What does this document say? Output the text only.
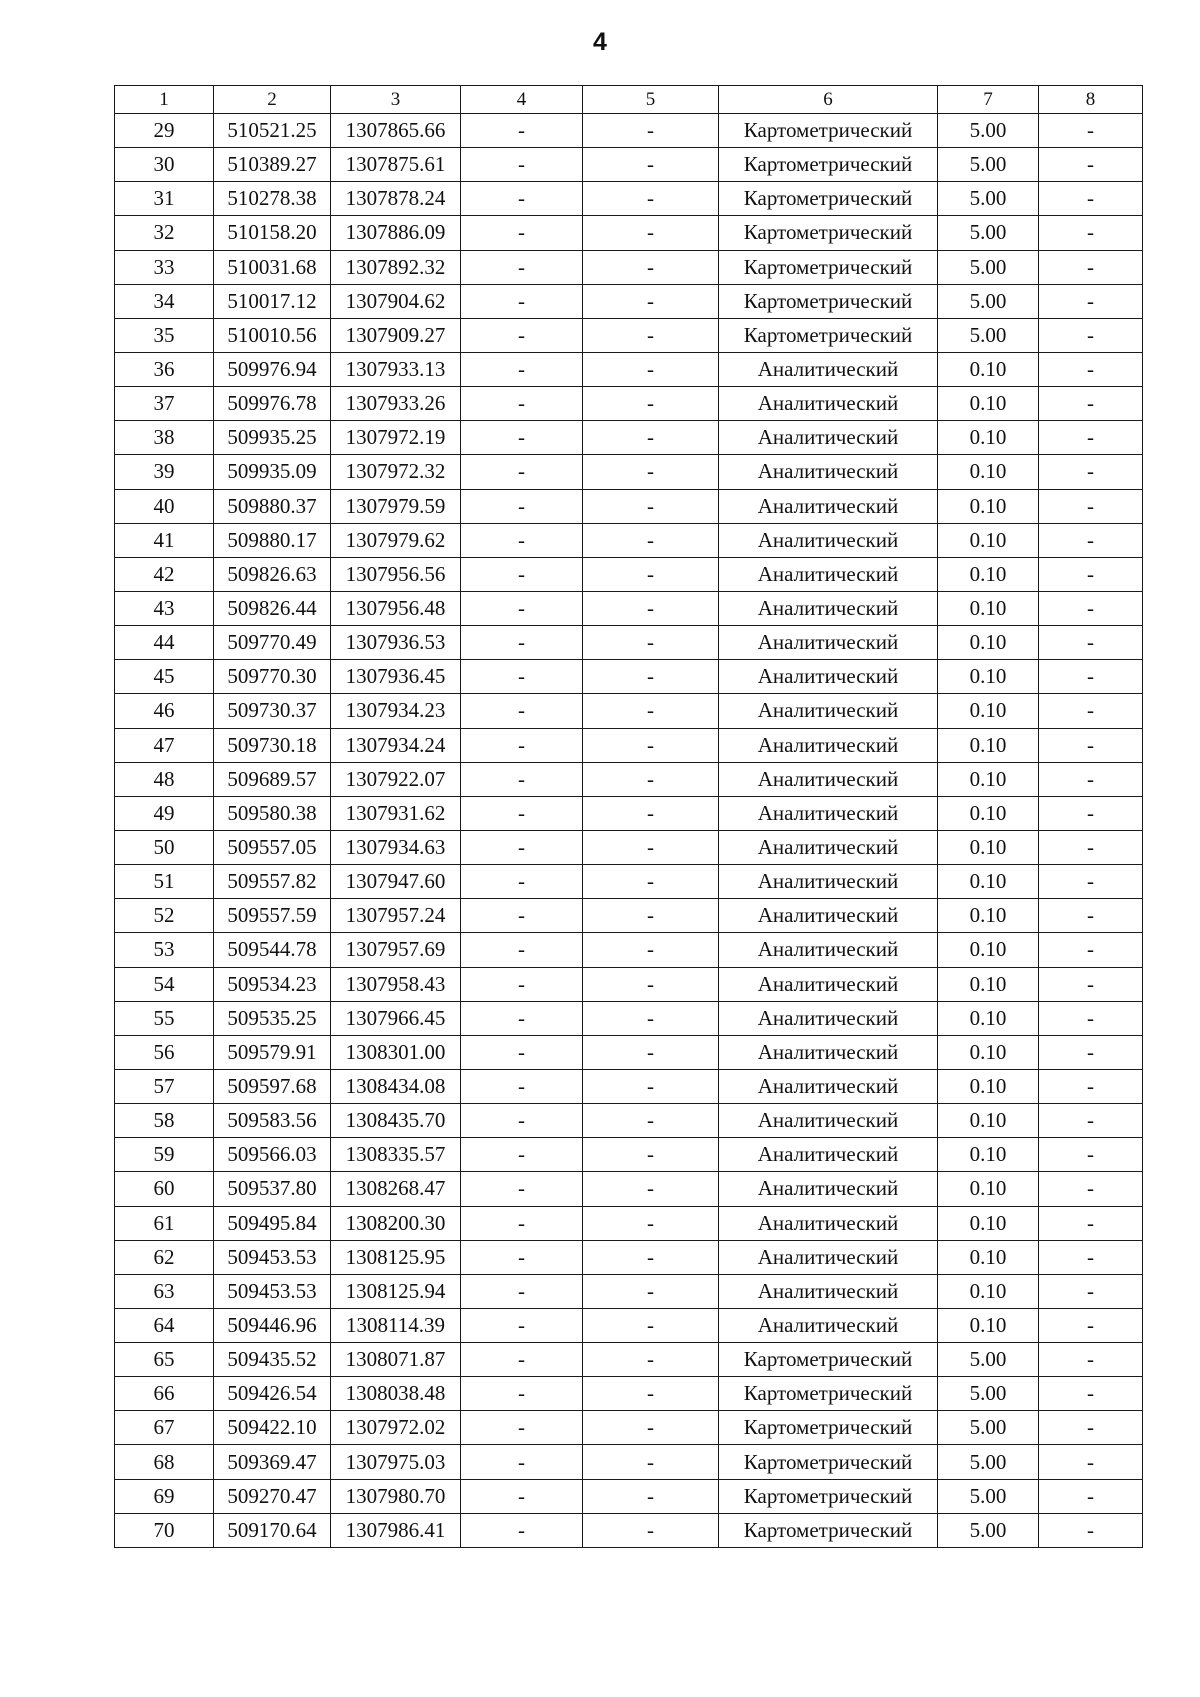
4
1	2	3	4	5	6	7	8
29	510521.25	1307865.66	-	-	Картометрический	5.00	-
30	510389.27	1307875.61	-	-	Картометрический	5.00	-
31	510278.38	1307878.24	-	-	Картометрический	5.00	-
32	510158.20	1307886.09	-	-	Картометрический	5.00	-
33	510031.68	1307892.32	-	-	Картометрический	5.00	-
34	510017.12	1307904.62	-	-	Картометрический	5.00	-
35	510010.56	1307909.27	-	-	Картометрический	5.00	-
36	509976.94	1307933.13	-	-	Аналитический	0.10	-
37	509976.78	1307933.26	-	-	Аналитический	0.10	-
38	509935.25	1307972.19	-	-	Аналитический	0.10	-
39	509935.09	1307972.32	-	-	Аналитический	0.10	-
40	509880.37	1307979.59	-	-	Аналитический	0.10	-
41	509880.17	1307979.62	-	-	Аналитический	0.10	-
42	509826.63	1307956.56	-	-	Аналитический	0.10	-
43	509826.44	1307956.48	-	-	Аналитический	0.10	-
44	509770.49	1307936.53	-	-	Аналитический	0.10	-
45	509770.30	1307936.45	-	-	Аналитический	0.10	-
46	509730.37	1307934.23	-	-	Аналитический	0.10	-
47	509730.18	1307934.24	-	-	Аналитический	0.10	-
48	509689.57	1307922.07	-	-	Аналитический	0.10	-
49	509580.38	1307931.62	-	-	Аналитический	0.10	-
50	509557.05	1307934.63	-	-	Аналитический	0.10	-
51	509557.82	1307947.60	-	-	Аналитический	0.10	-
52	509557.59	1307957.24	-	-	Аналитический	0.10	-
53	509544.78	1307957.69	-	-	Аналитический	0.10	-
54	509534.23	1307958.43	-	-	Аналитический	0.10	-
55	509535.25	1307966.45	-	-	Аналитический	0.10	-
56	509579.91	1308301.00	-	-	Аналитический	0.10	-
57	509597.68	1308434.08	-	-	Аналитический	0.10	-
58	509583.56	1308435.70	-	-	Аналитический	0.10	-
59	509566.03	1308335.57	-	-	Аналитический	0.10	-
60	509537.80	1308268.47	-	-	Аналитический	0.10	-
61	509495.84	1308200.30	-	-	Аналитический	0.10	-
62	509453.53	1308125.95	-	-	Аналитический	0.10	-
63	509453.53	1308125.94	-	-	Аналитический	0.10	-
64	509446.96	1308114.39	-	-	Аналитический	0.10	-
65	509435.52	1308071.87	-	-	Картометрический	5.00	-
66	509426.54	1308038.48	-	-	Картометрический	5.00	-
67	509422.10	1307972.02	-	-	Картометрический	5.00	-
68	509369.47	1307975.03	-	-	Картометрический	5.00	-
69	509270.47	1307980.70	-	-	Картометрический	5.00	-
70	509170.64	1307986.41	-	-	Картометрический	5.00	-
